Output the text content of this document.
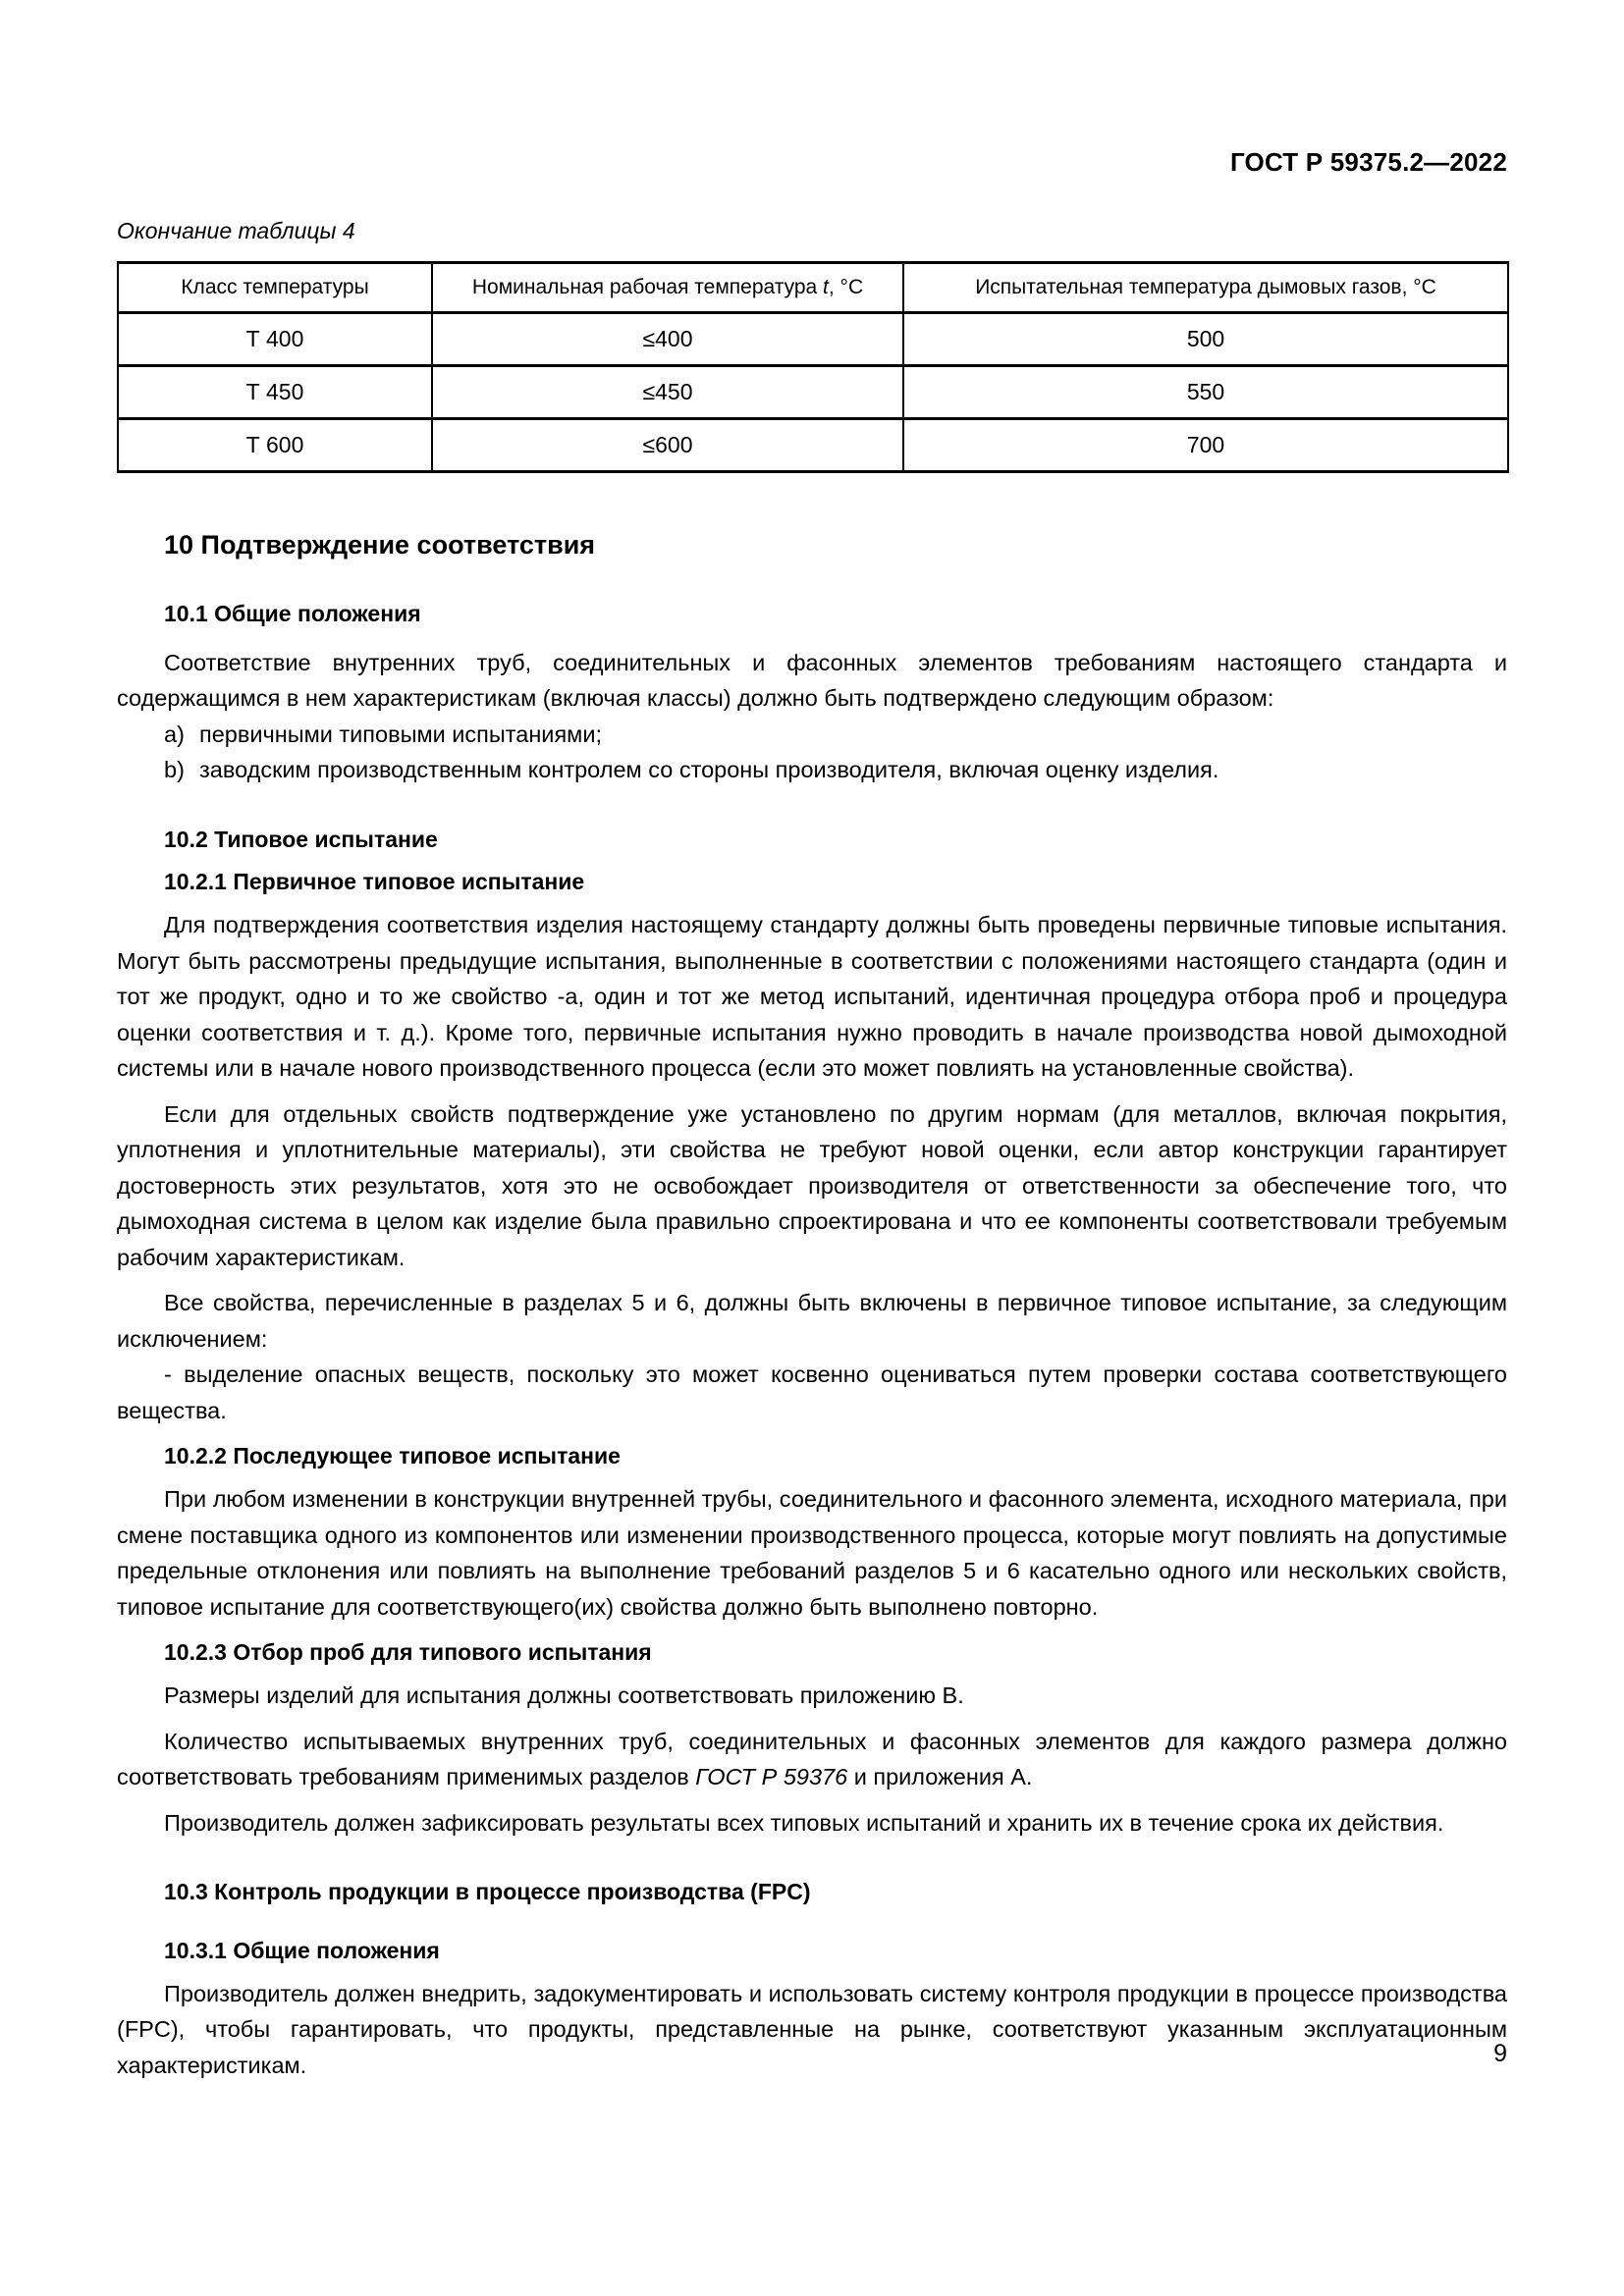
ГОСТ Р 59375.2—2022

Окончание таблицы 4

Класс температуры	Номинальная рабочая температура t, °C	Испытательная температура дымовых газов, °C
Т 400	≤400	500
Т 450	≤450	550
Т 600	≤600	700
10 Подтверждение соответствия
10.1 Общие положения

Соответствие внутренних труб, соединительных и фасонных элементов требованиям настоящего стандарта и содержащимся в нем характеристикам (включая классы) должно быть подтверждено следующим образом:

a) первичными типовыми испытаниями;

b) заводским производственным контролем со стороны производителя, включая оценку изделия.

10.2 Типовое испытание
10.2.1 Первичное типовое испытание

Для подтверждения соответствия изделия настоящему стандарту должны быть проведены первичные типовые испытания. Могут быть рассмотрены предыдущие испытания, выполненные в соответствии с положениями настоящего стандарта (один и тот же продукт, одно и то же свойство -а, один и тот же метод испытаний, идентичная процедура отбора проб и процедура оценки соответствия и т. д.). Кроме того, первичные испытания нужно проводить в начале производства новой дымоходной системы или в начале нового производственного процесса (если это может повлиять на установленные свойства).

Если для отдельных свойств подтверждение уже установлено по другим нормам (для металлов, включая покрытия, уплотнения и уплотнительные материалы), эти свойства не требуют новой оценки, если автор конструкции гарантирует достоверность этих результатов, хотя это не освобождает производителя от ответственности за обеспечение того, что дымоходная система в целом как изделие была правильно спроектирована и что ее компоненты соответствовали требуемым рабочим характеристикам.

Все свойства, перечисленные в разделах 5 и 6, должны быть включены в первичное типовое испытание, за следующим исключением:

- выделение опасных веществ, поскольку это может косвенно оцениваться путем проверки состава соответствующего вещества.

10.2.2 Последующее типовое испытание

При любом изменении в конструкции внутренней трубы, соединительного и фасонного элемента, исходного материала, при смене поставщика одного из компонентов или изменении производственного процесса, которые могут повлиять на допустимые предельные отклонения или повлиять на выполнение требований разделов 5 и 6 касательно одного или нескольких свойств, типовое испытание для соответствующего(их) свойства должно быть выполнено повторно.

10.2.3 Отбор проб для типового испытания

Размеры изделий для испытания должны соответствовать приложению В.

Количество испытываемых внутренних труб, соединительных и фасонных элементов для каждого размера должно соответствовать требованиям применимых разделов ГОСТ Р 59376 и приложения А.

Производитель должен зафиксировать результаты всех типовых испытаний и хранить их в течение срока их действия.

10.3 Контроль продукции в процессе производства (FPC)
10.3.1 Общие положения

Производитель должен внедрить, задокументировать и использовать систему контроля продукции в процессе производства (FPC), чтобы гарантировать, что продукты, представленные на рынке, соответствуют указанным эксплуатационным характеристикам.	9
